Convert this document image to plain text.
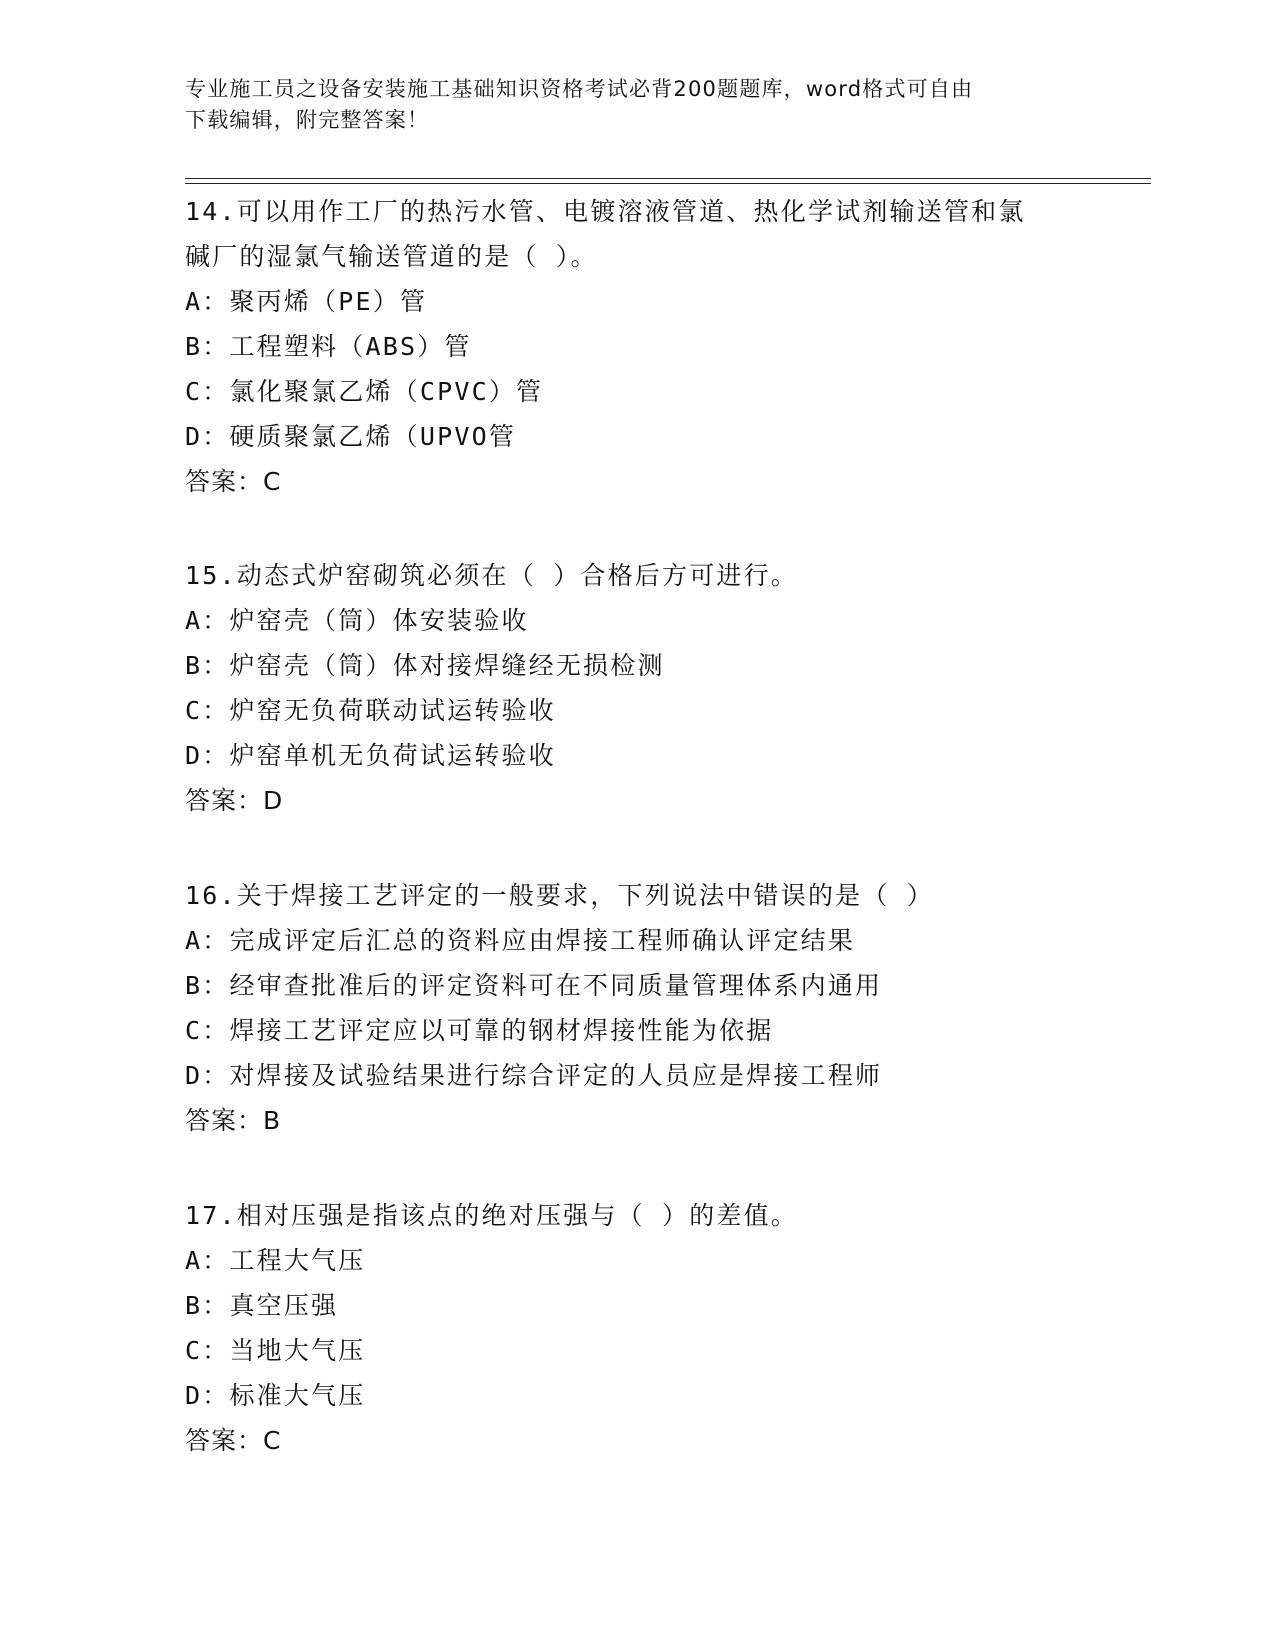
专业施工员之设备安装施工基础知识资格考试必背200题题库，word格式可自由
下载编辑，附完整答案！
14.可以用作工厂的热污水管、电镀溶液管道、热化学试剂输送管和氯
碱厂的湿氯气输送管道的是（ ）。
A：聚丙烯（PE）管
B：工程塑料（ABS）管
C：氯化聚氯乙烯（CPVC）管
D：硬质聚氯乙烯（UPVO管
答案：C
15.动态式炉窑砌筑必须在（ ）合格后方可进行。
A：炉窑壳（筒）体安装验收
B：炉窑壳（筒）体对接焊缝经无损检测
C：炉窑无负荷联动试运转验收
D：炉窑单机无负荷试运转验收
答案：D
16.关于焊接工艺评定的一般要求，下列说法中错误的是（ ）
A：完成评定后汇总的资料应由焊接工程师确认评定结果
B：经审查批准后的评定资料可在不同质量管理体系内通用
C：焊接工艺评定应以可靠的钢材焊接性能为依据
D：对焊接及试验结果进行综合评定的人员应是焊接工程师
答案：B
17.相对压强是指该点的绝对压强与（ ）的差值。
A：工程大气压
B：真空压强
C：当地大气压
D：标准大气压
答案：C
